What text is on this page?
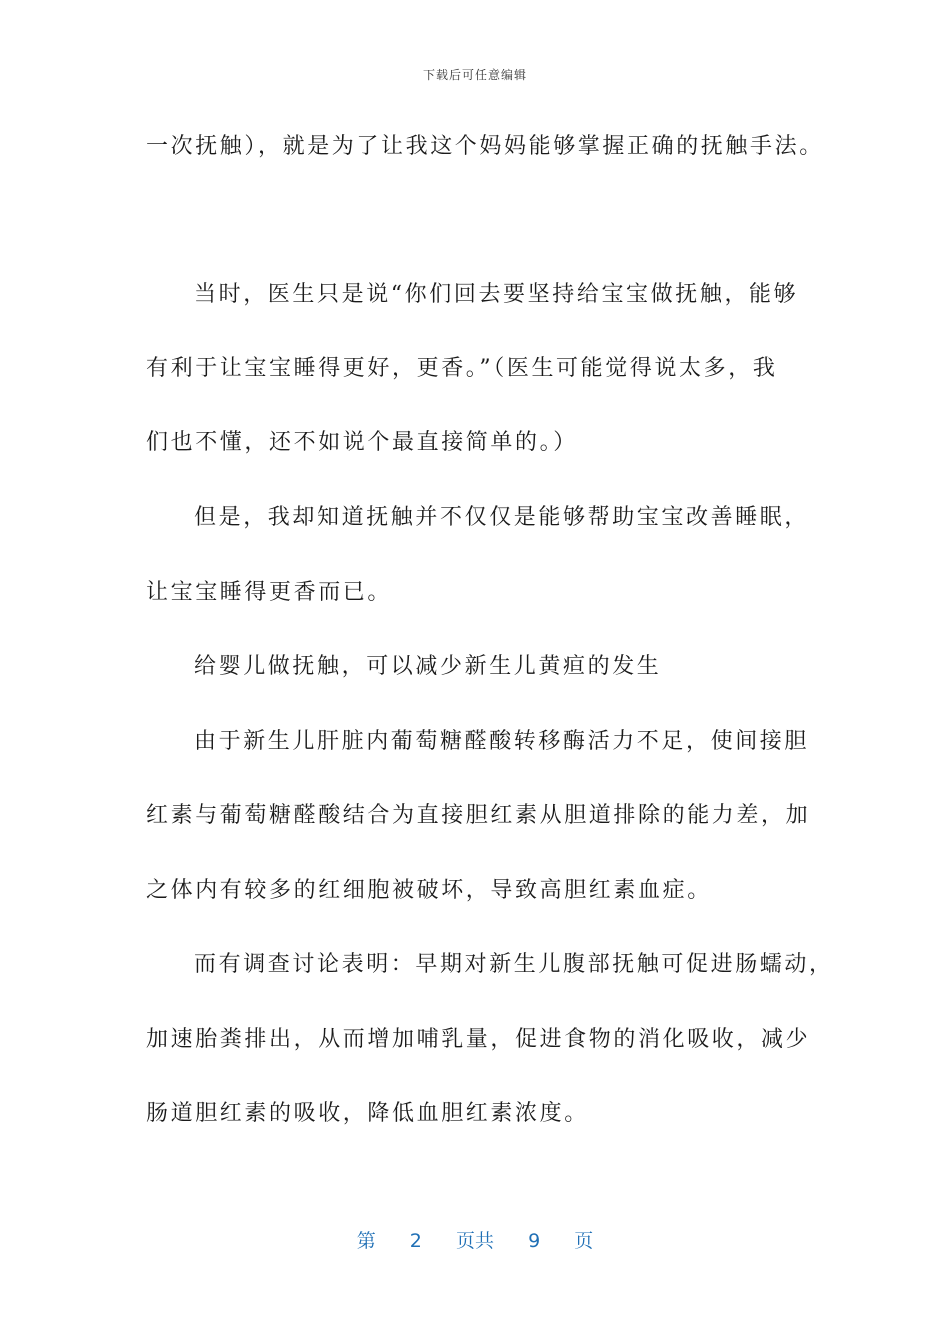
下载后可任意编辑
一次抚触），就是为了让我这个妈妈能够掌握正确的抚触手法。
当时，医生只是说“你们回去要坚持给宝宝做抚触，能够
有利于让宝宝睡得更好，更香。”（医生可能觉得说太多，我
们也不懂，还不如说个最直接简单的。）
但是，我却知道抚触并不仅仅是能够帮助宝宝改善睡眠，
让宝宝睡得更香而已。
给婴儿做抚触，可以减少新生儿黄疸的发生
由于新生儿肝脏内葡萄糖醛酸转移酶活力不足，使间接胆
红素与葡萄糖醛酸结合为直接胆红素从胆道排除的能力差，加
之体内有较多的红细胞被破坏，导致高胆红素血症。
而有调查讨论表明：早期对新生儿腹部抚触可促进肠蠕动，
加速胎粪排出，从而增加哺乳量，促进食物的消化吸收，减少
肠道胆红素的吸收，降低血胆红素浓度。
第 2 页共 9 页
